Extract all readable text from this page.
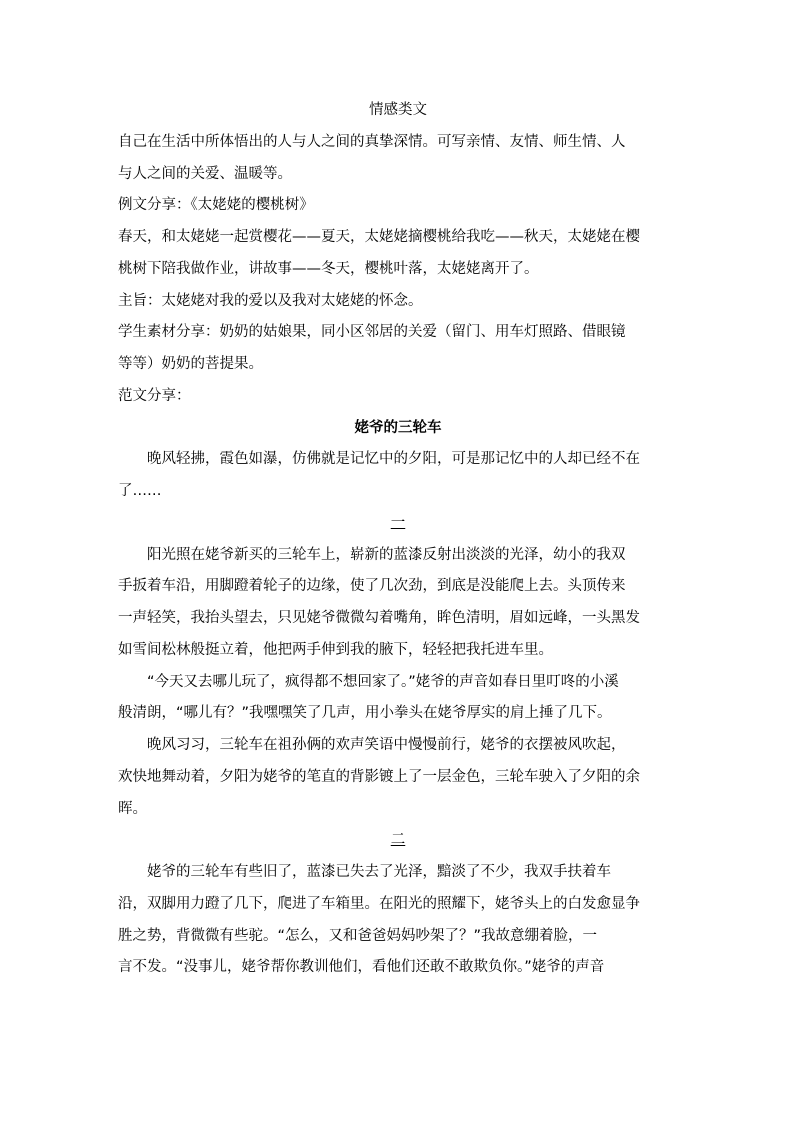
情感类文
自己在生活中所体悟出的人与人之间的真挚深情。可写亲情、友情、师生情、人
与人之间的关爱、温暖等。
例文分享：《太姥姥的樱桃树》
春天，和太姥姥一起赏樱花——夏天，太姥姥摘樱桃给我吃——秋天，太姥姥在樱
桃树下陪我做作业，讲故事——冬天，樱桃叶落，太姥姥离开了。
主旨：太姥姥对我的爱以及我对太姥姥的怀念。
学生素材分享：奶奶的姑娘果，同小区邻居的关爱（留门、用车灯照路、借眼镜
等等）奶奶的菩提果。
范文分享：
姥爷的三轮车
　　晚风轻拂，霞色如瀑，仿佛就是记忆中的夕阳，可是那记忆中的人却已经不在
了……
一
　　阳光照在姥爷新买的三轮车上，崭新的蓝漆反射出淡淡的光泽，幼小的我双
手扳着车沿，用脚蹬着轮子的边缘，使了几次劲，到底是没能爬上去。头顶传来
一声轻笑，我抬头望去，只见姥爷微微勾着嘴角，眸色清明，眉如远峰，一头黑发
如雪间松林般挺立着，他把两手伸到我的腋下，轻轻把我托进车里。
　　“今天又去哪儿玩了，疯得都不想回家了。”姥爷的声音如春日里叮咚的小溪
般清朗，“哪儿有？”我嘿嘿笑了几声，用小拳头在姥爷厚实的肩上捶了几下。
　　晚风习习，三轮车在祖孙俩的欢声笑语中慢慢前行，姥爷的衣摆被风吹起，
欢快地舞动着，夕阳为姥爷的笔直的背影镀上了一层金色，三轮车驶入了夕阳的余
晖。
二
　　姥爷的三轮车有些旧了，蓝漆已失去了光泽，黯淡了不少，我双手扶着车
沿，双脚用力蹬了几下，爬进了车箱里。在阳光的照耀下，姥爷头上的白发愈显争
胜之势，背微微有些驼。“怎么，又和爸爸妈妈吵架了？”我故意绷着脸，一
言不发。“没事儿，姥爷帮你教训他们，看他们还敢不敢欺负你。”姥爷的声音
